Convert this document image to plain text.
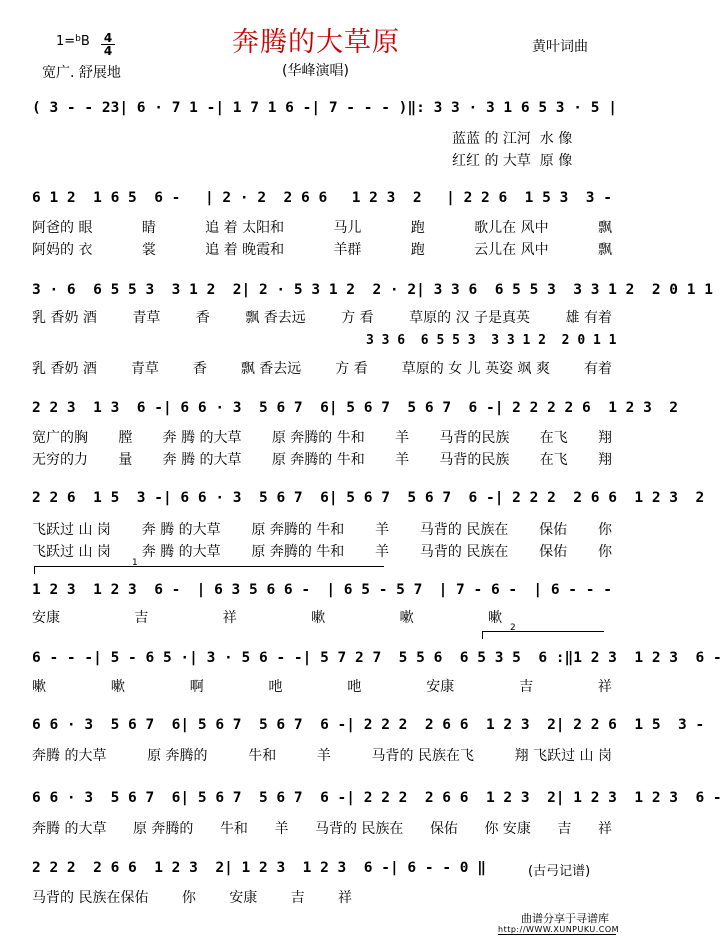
1=$^b$B 4
4
宽广. 舒展地
奔腾的大草原
(华峰演唱)
黄叶词曲
( 3 - - 23 | 6 · 7 1 - | 1 7 1 6 - | 7 - - - ) ‖: 3 3 · 3 1 6 5 3 · 5 |
蓝蓝 的 江河  水 像
红红 的 大草  原 像
6 1 2  1 6 5  6 - | 2 · 2  2 6 6 1 2 3  2 | 2 2 6  1 5 3  3 -
阿爸的 眼	睛	追 着 太阳和	马儿	跑	歌儿在 风中	飘
阿妈的 衣	裳	追 着 晚霞和	羊群	跑	云儿在 风中	飘
3 · 6  6 5 5 3  3 1 2  2 | 2 · 5 3 1 2  2 · 2 | 3 3 6  6 5 5 3  3 3 1 2  2 0 1 1
乳 香奶 酒	青草	香	飘 香去远	方 看	草原的 汉 子是真英	雄 有着
3 3 6  6 5 5 3  3 3 1 2  2 0 1 1
乳 香奶 酒 青草 香 飘 香去远 方 看 草原的 女 儿 英姿 飒 爽 有着
2 2 3  1 3  6 - | 6 6 · 3  5 6 7  6 | 5 6 7  5 6 7  6 - | 2 2 2 2 6  1 2 3  2
宽广的胸 膛 奔 腾 的大草 原 奔腾的 牛和 羊 马背的民族 在飞 翔
无穷的力 量 奔 腾 的大草 原 奔腾的 牛和 羊 马背的民族 在飞 翔
2 2 6  1 5  3 - | 6 6 · 3  5 6 7  6 | 5 6 7  5 6 7  6 - | 2 2 2  2 6 6  1 2 3  2
飞跃过 山 岗 奔 腾 的大草 原 奔腾的 牛和 羊 马背的 民族在 保佑 你
飞跃过 山 岗 奔 腾 的大草 原 奔腾的 牛和 羊 马背的 民族在 保佑 你
1
1 2 3  1 2 3  6 - | 6 3 5 6 6 - | 6 5 - 5 7 | 7 - 6 - | 6 - - -
安康	吉	祥	嗽	嗽	嗽
2
6 - - - | 5 - 6 5 · | 3 · 5 6 - - | 5 7 2 7  5 5 6  6 5 3 5  6 :‖ 1 2 3  1 2 3  6 -
嗽	嗽	啊	吔	吔	安康	吉	祥
6 6 · 3  5 6 7  6 | 5 6 7  5 6 7  6 - | 2 2 2  2 6 6  1 2 3  2 | 2 2 6  1 5  3 -
奔腾 的大草	原 奔腾的	牛和	羊	马背的 民族在飞	翔 飞跃过 山 岗
6 6 · 3  5 6 7  6 | 5 6 7  5 6 7  6 - | 2 2 2  2 6 6  1 2 3  2 | 1 2 3  1 2 3  6 -
奔腾 的大草 原 奔腾的 牛和 羊 马背的 民族在 保佑 你 安康 吉 祥
2 2 2  2 6 6  1 2 3  2 | 1 2 3  1 2 3  6 - | 6 - - 0 ‖
马背的 民族在保佑 你 安康 吉 祥
(古弓记谱)
曲谱分享于寻谱库
http://WWW.XUNPUKU.COM
